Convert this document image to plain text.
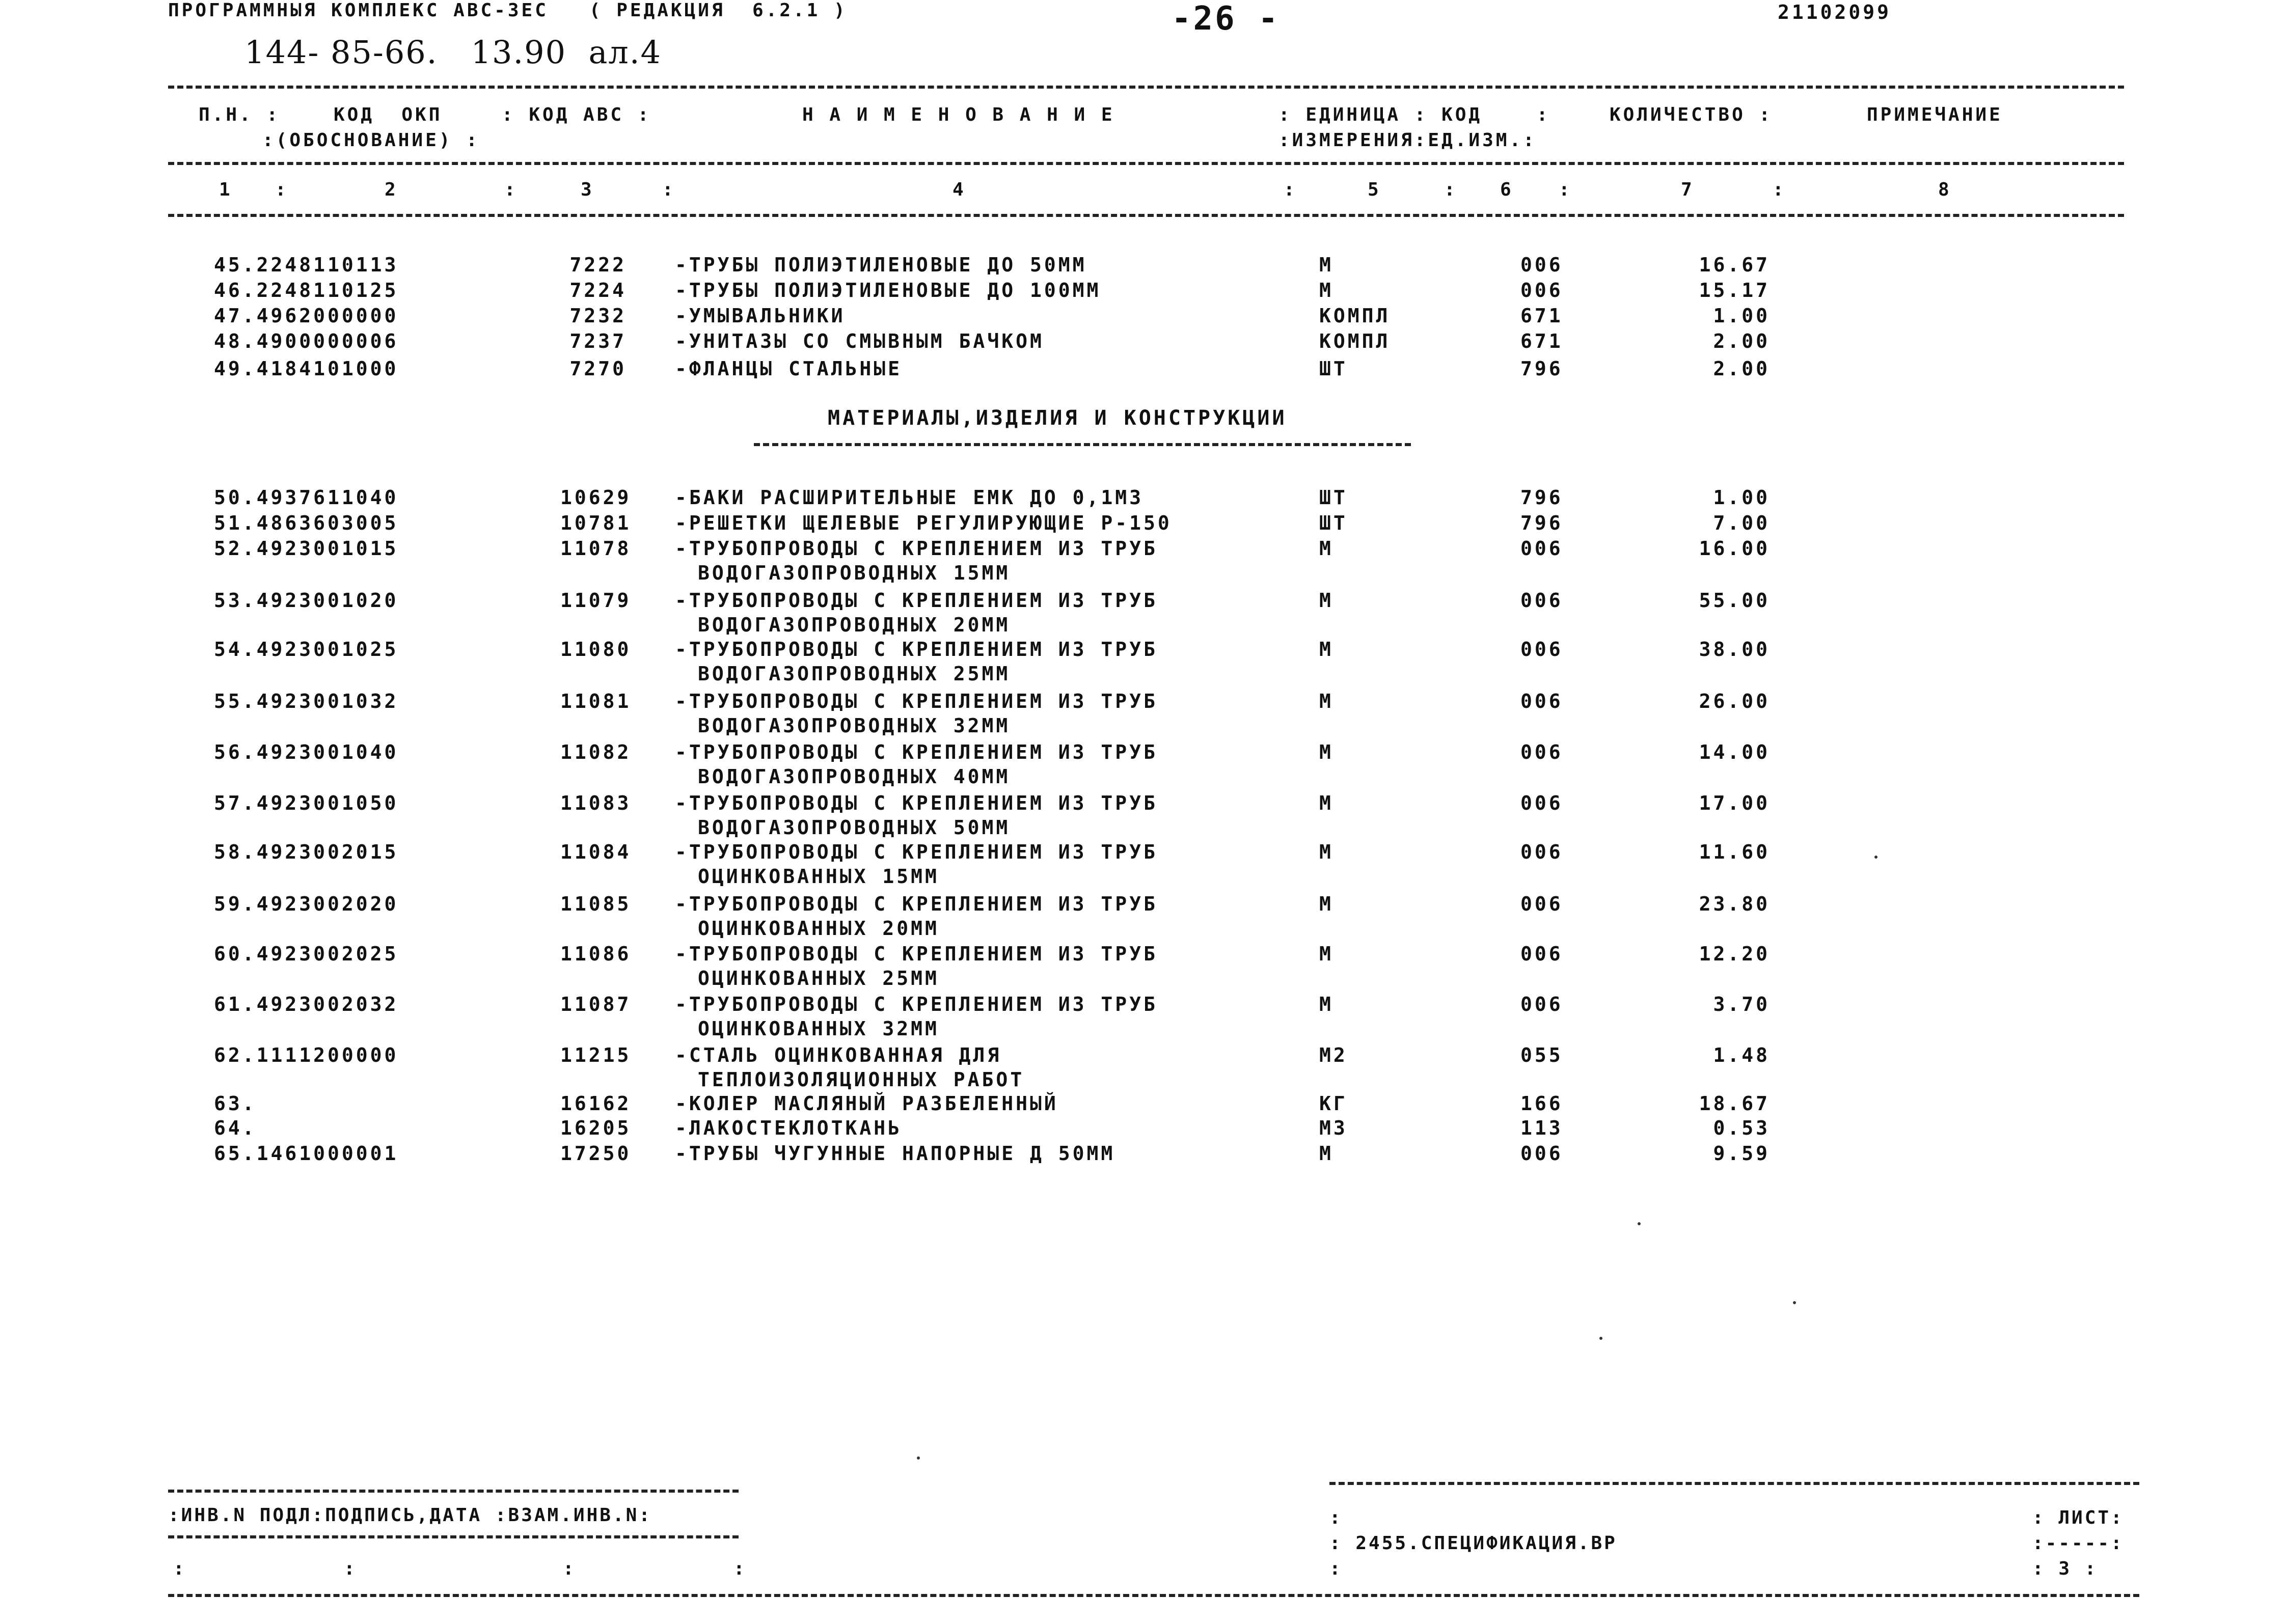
ПРОГРАММНЫЯ КОМПЛЕКС АВС-3ЕС   ( РЕДАКЦИЯ  6.2.1 )	-26 -	21102099
144- 85-66.   13.90  ал.4
П.Н. :	КОД  ОКП
:(ОБОСНОВАНИЕ) :
: КОД АВС :	Н А И М Е Н О В А Н И Е	: ЕДИНИЦА : КОД    :
:ИЗМЕРЕНИЯ:ЕД.ИЗМ.:
КОЛИЧЕСТВО :	ПРИМЕЧАНИЕ
1	2	3	4	5	6	7	8
:	:	:	:	:	:	:
45.2248110113	7222	-ТРУБЫ ПОЛИЭТИЛЕНОВЫЕ ДО 50ММ	М	006	16.67
46.2248110125	7224	-ТРУБЫ ПОЛИЭТИЛЕНОВЫЕ ДО 100ММ	М	006	15.17
47.4962000000	7232	-УМЫВАЛЬНИКИ	КОМПЛ	671	1.00
48.4900000006	7237	-УНИТАЗЫ СО СМЫВНЫМ БАЧКОМ	КОМПЛ	671	2.00
49.4184101000	7270	-ФЛАНЦЫ СТАЛЬНЫЕ	ШТ	796	2.00
МАТЕРИАЛЫ,ИЗДЕЛИЯ И КОНСТРУКЦИИ
50.4937611040	10629 -БАКИ РАСШИРИТЕЛЬНЫЕ ЕМК ДО 0,1М3	ШТ	796	1.00
51.4863603005	10781 -РЕШЕТКИ ЩЕЛЕВЫЕ РЕГУЛИРУЮЩИЕ Р-150	ШТ	796	7.00
52.4923001015	11078 -ТРУБОПРОВОДЫ С КРЕПЛЕНИЕМ ИЗ ТРУБ	М	006	16.00
ВОДОГАЗОПРОВОДНЫХ 15ММ
53.4923001020	11079 -ТРУБОПРОВОДЫ С КРЕПЛЕНИЕМ ИЗ ТРУБ	М	006	55.00
ВОДОГАЗОПРОВОДНЫХ 20ММ
54.4923001025	11080 -ТРУБОПРОВОДЫ С КРЕПЛЕНИЕМ ИЗ ТРУБ	М	006	38.00
ВОДОГАЗОПРОВОДНЫХ 25ММ
55.4923001032	11081 -ТРУБОПРОВОДЫ С КРЕПЛЕНИЕМ ИЗ ТРУБ	М	006	26.00
ВОДОГАЗОПРОВОДНЫХ 32ММ
56.4923001040	11082 -ТРУБОПРОВОДЫ С КРЕПЛЕНИЕМ ИЗ ТРУБ	М	006	14.00
ВОДОГАЗОПРОВОДНЫХ 40ММ
57.4923001050	11083 -ТРУБОПРОВОДЫ С КРЕПЛЕНИЕМ ИЗ ТРУБ	М	006	17.00
ВОДОГАЗОПРОВОДНЫХ 50ММ
58.4923002015	11084 -ТРУБОПРОВОДЫ С КРЕПЛЕНИЕМ ИЗ ТРУБ	М	006	11.60
ОЦИНКОВАННЫХ 15ММ
59.4923002020	11085 -ТРУБОПРОВОДЫ С КРЕПЛЕНИЕМ ИЗ ТРУБ	М	006	23.80
ОЦИНКОВАННЫХ 20ММ
60.4923002025	11086 -ТРУБОПРОВОДЫ С КРЕПЛЕНИЕМ ИЗ ТРУБ	М	006	12.20
ОЦИНКОВАННЫХ 25ММ
61.4923002032	11087 -ТРУБОПРОВОДЫ С КРЕПЛЕНИЕМ ИЗ ТРУБ	М	006	3.70
ОЦИНКОВАННЫХ 32ММ
62.1111200000	11215 -СТАЛЬ ОЦИНКОВАННАЯ ДЛЯ	М2	055	1.48
ТЕПЛОИЗОЛЯЦИОННЫХ РАБОТ
63.	16162 -КОЛЕР МАСЛЯНЫЙ РАЗБЕЛЕННЫЙ	КГ	166	18.67
64.	16205 -ЛАКОСТЕКЛОТКАНЬ	М3	113	0.53
65.1461000001	17250 -ТРУБЫ ЧУГУННЫЕ НАПОРНЫЕ Д 50ММ	М	006	9.59
:ИНВ.N ПОДЛ:ПОДПИСЬ,ДАТА :ВЗАМ.ИНВ.N:
:	:	:	:
:
: 2455.СПЕЦИФИКАЦИЯ.ВР
:
: ЛИСТ:
:-----:
: 3 :
